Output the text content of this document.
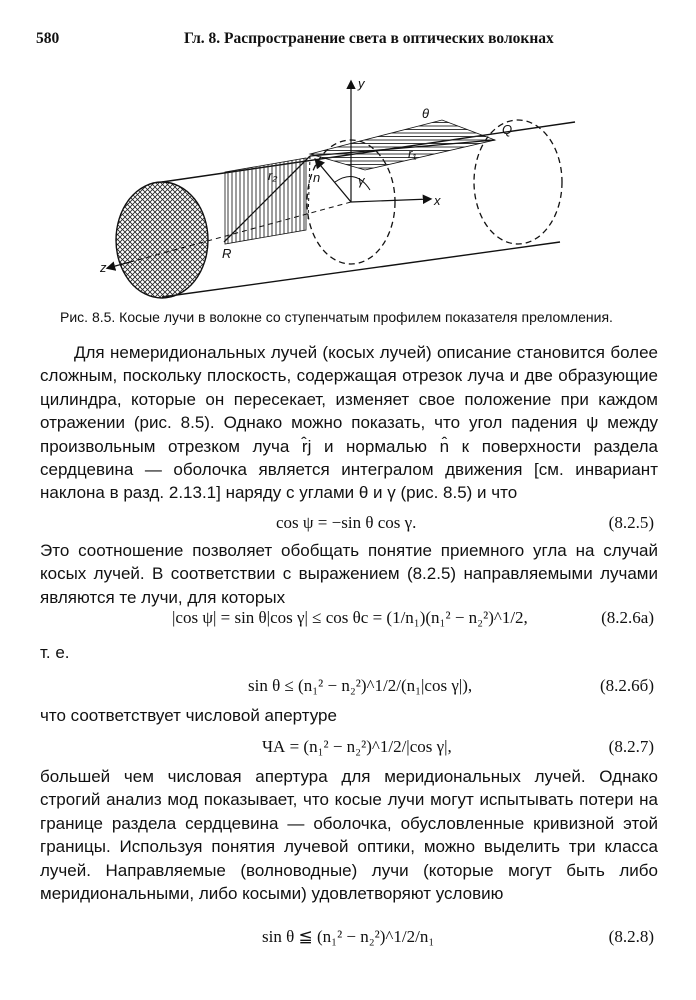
580	Гл. 8. Распространение света в оптических волокнах
y
x
z
θ
γ
Q
R
n
r₂
r₁
Рис. 8.5. Косые лучи в волокне со ступенчатым профилем показателя преломления.
Для немеридиональных лучей (косых лучей) описание становится более сложным, поскольку плоскость, содержащая отрезок луча и две образующие цилиндра, которые он пересекает, изменяет свое положение при каждом отражении (рис. 8.5). Однако можно показать, что угол падения ψ между произвольным отрезком луча r̂j и нормалью n̂ к поверхности раздела сердцевина — оболочка является интегралом движения [см. инвариант наклона в разд. 2.13.1] наряду с углами θ и γ (рис. 8.5) и что
cos ψ = −sin θ cos γ.	(8.2.5)
Это соотношение позволяет обобщать понятие приемного угла на случай косых лучей. В соответствии с выражением (8.2.5) направляемыми лучами являются те лучи, для которых
|cos ψ| = sin θ|cos γ| ≤ cos θc = (1/n₁)(n₁² − n₂²)^1/2,	(8.2.6a)
т. е.
sin θ ≤ (n₁² − n₂²)^1/2/(n₁|cos γ|),	(8.2.6б)
что соответствует числовой апертуре
ЧА = (n₁² − n₂²)^1/2/|cos γ|,	(8.2.7)
большей чем числовая апертура для меридиональных лучей. Однако строгий анализ мод показывает, что косые лучи могут испытывать потери на границе раздела сердцевина — оболочка, обусловленные кривизной этой границы. Используя понятия лучевой оптики, можно выделить три класса лучей. Направляемые (волноводные) лучи (которые могут быть либо меридиональными, либо косыми) удовлетворяют условию
sin θ ≦ (n₁² − n₂²)^1/2/n₁	(8.2.8)
